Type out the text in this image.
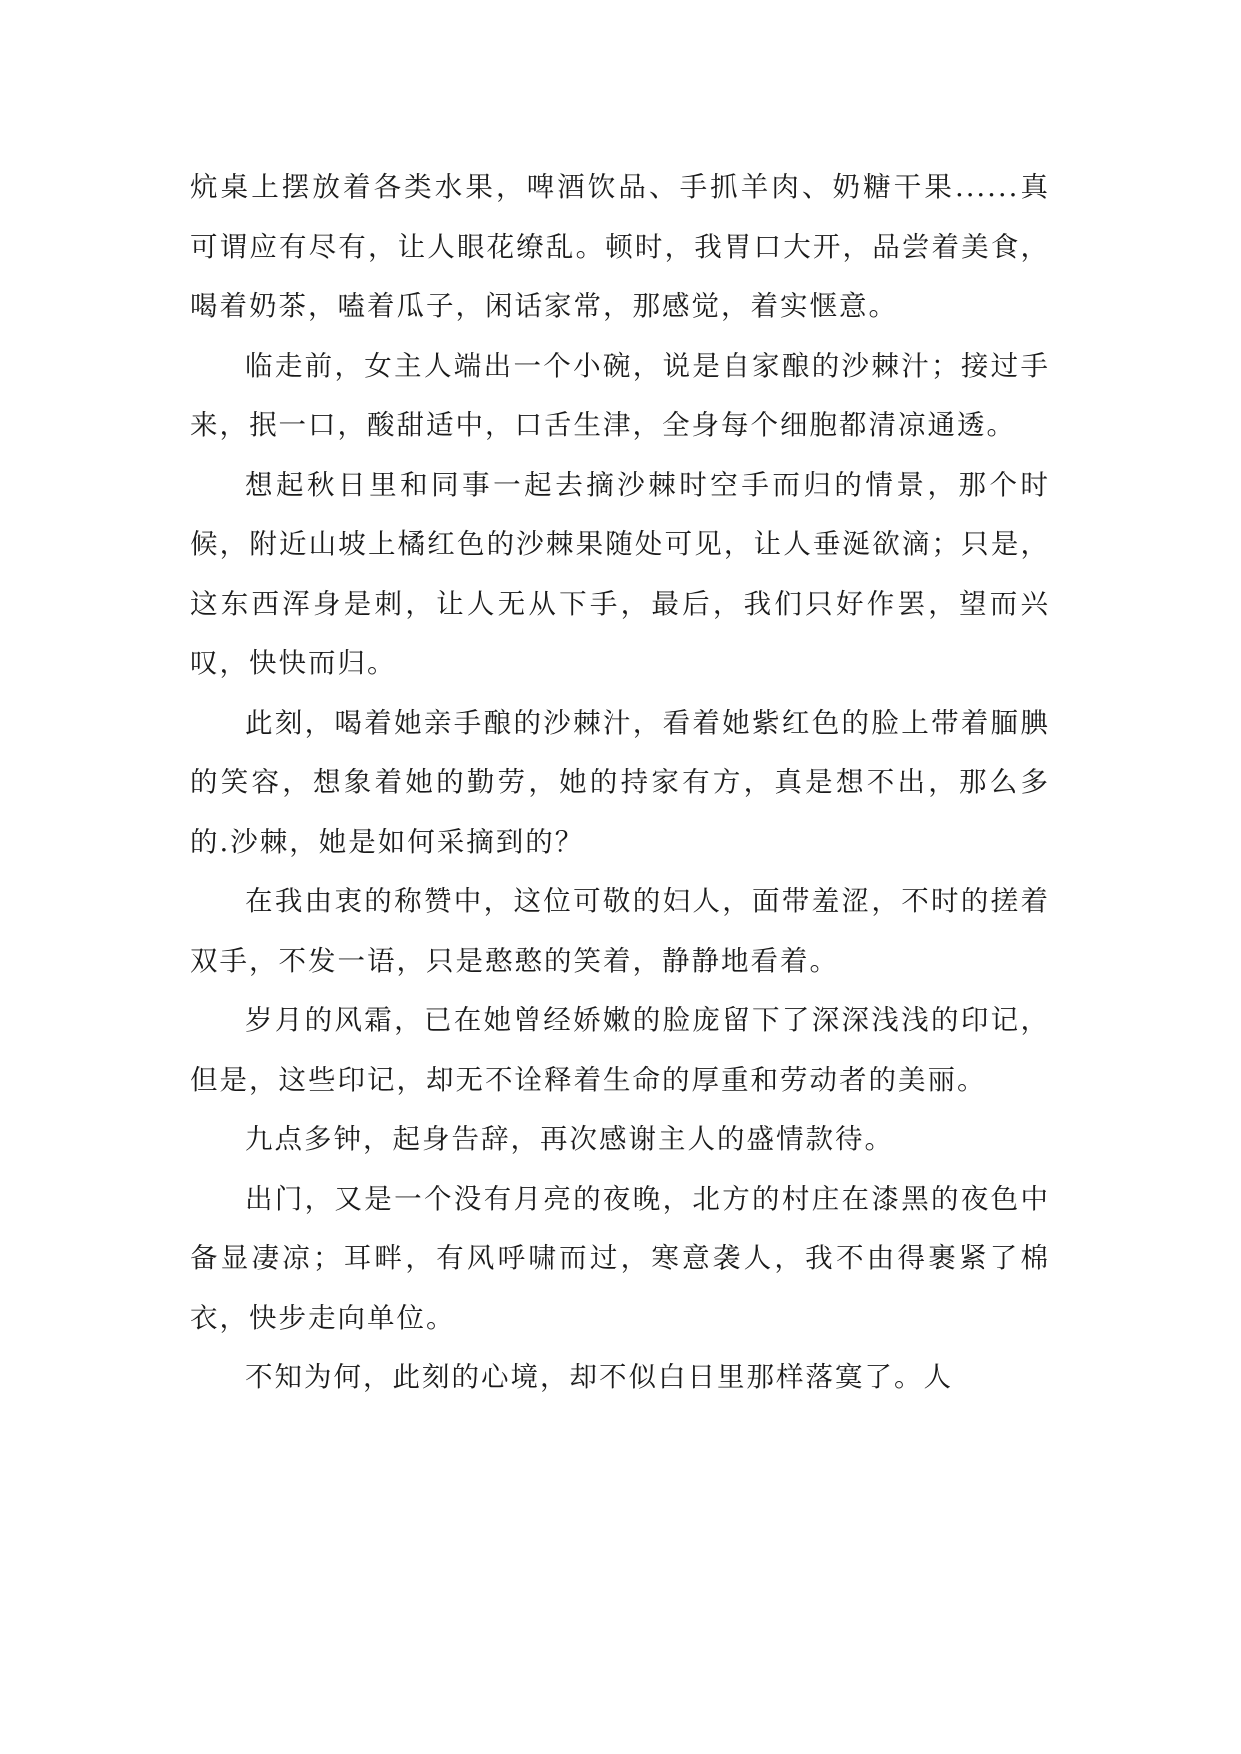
炕桌上摆放着各类水果，啤酒饮品、手抓羊肉、奶糖干果......真可谓应有尽有，让人眼花缭乱。顿时，我胃口大开，品尝着美食，喝着奶茶，嗑着瓜子，闲话家常，那感觉，着实惬意。

临走前，女主人端出一个小碗，说是自家酿的沙棘汁；接过手来，抿一口，酸甜适中，口舌生津，全身每个细胞都清凉通透。

想起秋日里和同事一起去摘沙棘时空手而归的情景，那个时候，附近山坡上橘红色的沙棘果随处可见，让人垂涎欲滴；只是，这东西浑身是刺，让人无从下手，最后，我们只好作罢，望而兴叹，快快而归。

此刻，喝着她亲手酿的沙棘汁，看着她紫红色的脸上带着腼腆的笑容，想象着她的勤劳，她的持家有方，真是想不出，那么多的.沙棘，她是如何采摘到的？

在我由衷的称赞中，这位可敬的妇人，面带羞涩，不时的搓着双手，不发一语，只是憨憨的笑着，静静地看着。

岁月的风霜，已在她曾经娇嫩的脸庞留下了深深浅浅的印记，但是，这些印记，却无不诠释着生命的厚重和劳动者的美丽。

九点多钟，起身告辞，再次感谢主人的盛情款待。

出门，又是一个没有月亮的夜晚，北方的村庄在漆黑的夜色中备显凄凉；耳畔，有风呼啸而过，寒意袭人，我不由得裹紧了棉衣，快步走向单位。

不知为何，此刻的心境，却不似白日里那样落寞了。人
